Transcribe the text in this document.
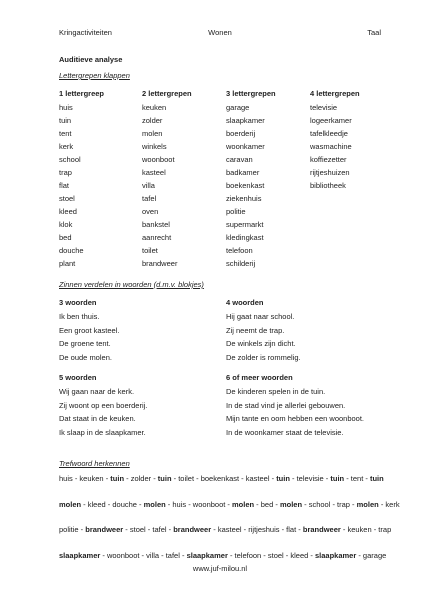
Kringactiviteiten	Wonen	Taal
Auditieve analyse
Lettergrepen klappen
1 lettergreep
huis
tuin
tent
kerk
school
trap
flat
stoel
kleed
klok
bed
douche
plant
2 lettergrepen
keuken
zolder
molen
winkels
woonboot
kasteel
villa
tafel
oven
bankstel
aanrecht
toilet
brandweer
3 lettergrepen
garage
slaapkamer
boerderij
woonkamer
caravan
badkamer
boekenkast
ziekenhuis
politie
supermarkt
kledingkast
telefoon
schilderij
4 lettergrepen
televisie
logeerkamer
tafelkleedje
wasmachine
koffiezetter
rijtjeshuizen
bibliotheek
Zinnen verdelen in woorden (d.m.v. blokjes)
3 woorden
Ik ben thuis.
Een groot kasteel.
De groene tent.
De oude molen.
4 woorden
Hij gaat naar school.
Zij neemt de trap.
De winkels zijn dicht.
De zolder is rommelig.
5 woorden
Wij gaan naar de kerk.
Zij woont op een boerderij.
Dat staat in de keuken.
Ik slaap in de slaapkamer.
6 of meer woorden
De kinderen spelen in de tuin.
In de stad vind je allerlei gebouwen.
Mijn tante en oom hebben een woonboot.
In de woonkamer staat de televisie.
Trefwoord herkennen
huis - keuken - tuin - zolder - tuin - toilet - boekenkast - kasteel - tuin - televisie - tuin - tent - tuin
molen - kleed - douche - molen - huis - woonboot - molen - bed - molen - school - trap - molen - kerk
politie - brandweer - stoel - tafel - brandweer - kasteel - rijtjeshuis - flat - brandweer - keuken - trap
slaapkamer - woonboot - villa - tafel - slaapkamer - telefoon - stoel - kleed - slaapkamer - garage
www.juf-milou.nl
